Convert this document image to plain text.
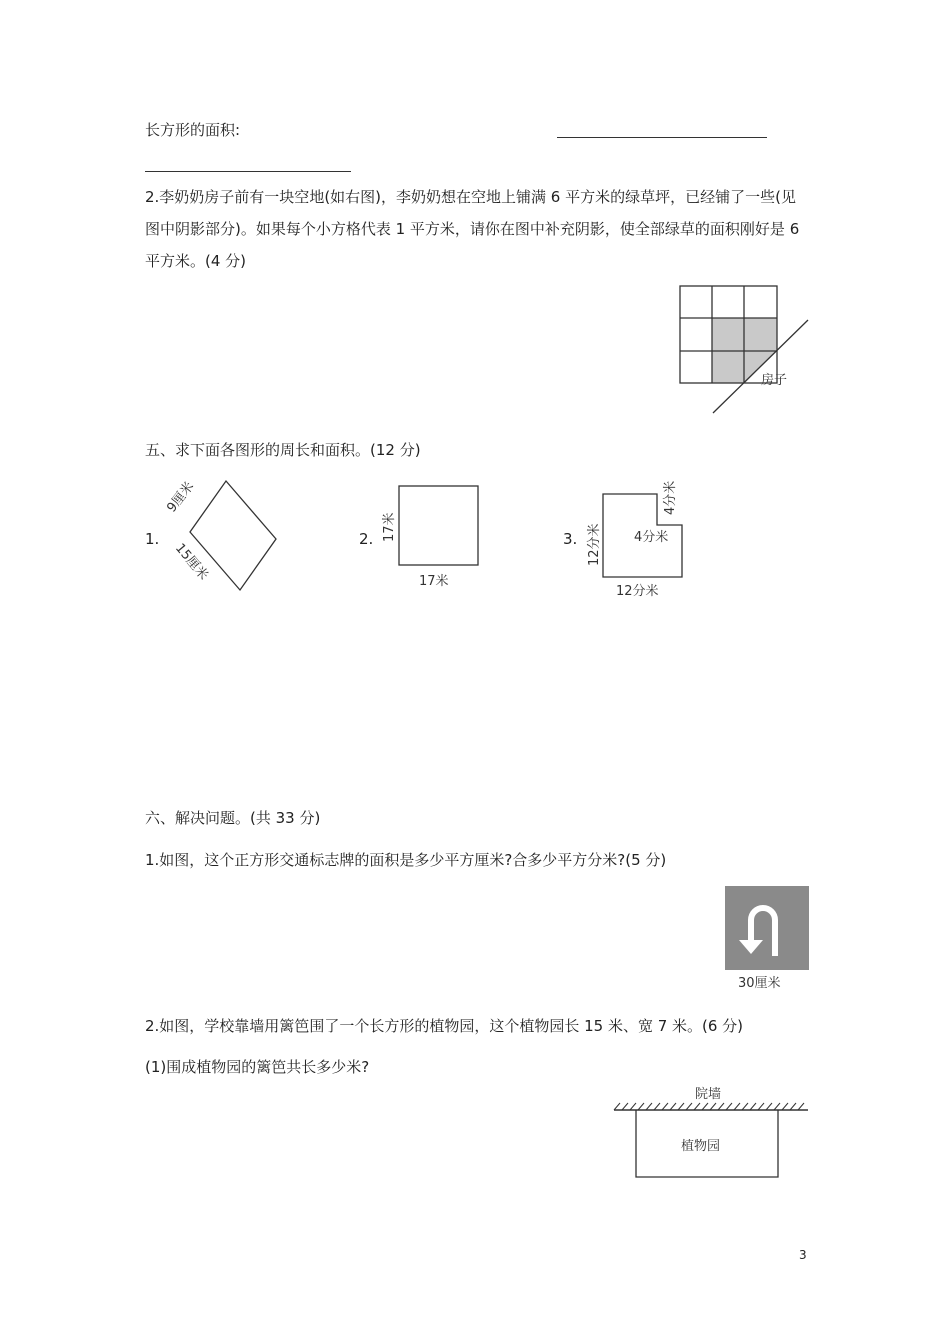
长方形的面积:
2.李奶奶房子前有一块空地(如右图)，李奶奶想在空地上铺满 6 平方米的绿草坪，已经铺了一些(见图中阴影部分)。如果每个小方格代表 1 平方米，请你在图中补充阴影，使全部绿草的面积刚好是 6 平方米。(4 分)
房子
五、求下面各图形的周长和面积。(12 分)
1.
9厘米
15厘米
2. 17米
17米
3. 12分米
4分米
4分米
12分米
六、解决问题。(共 33 分)
1.如图，这个正方形交通标志牌的面积是多少平方厘米?合多少平方分米?(5 分)
30厘米
2.如图，学校靠墙用篱笆围了一个长方形的植物园，这个植物园长 15 米、宽 7 米。(6 分)
(1)围成植物园的篱笆共长多少米?
院墙
植物园
3
